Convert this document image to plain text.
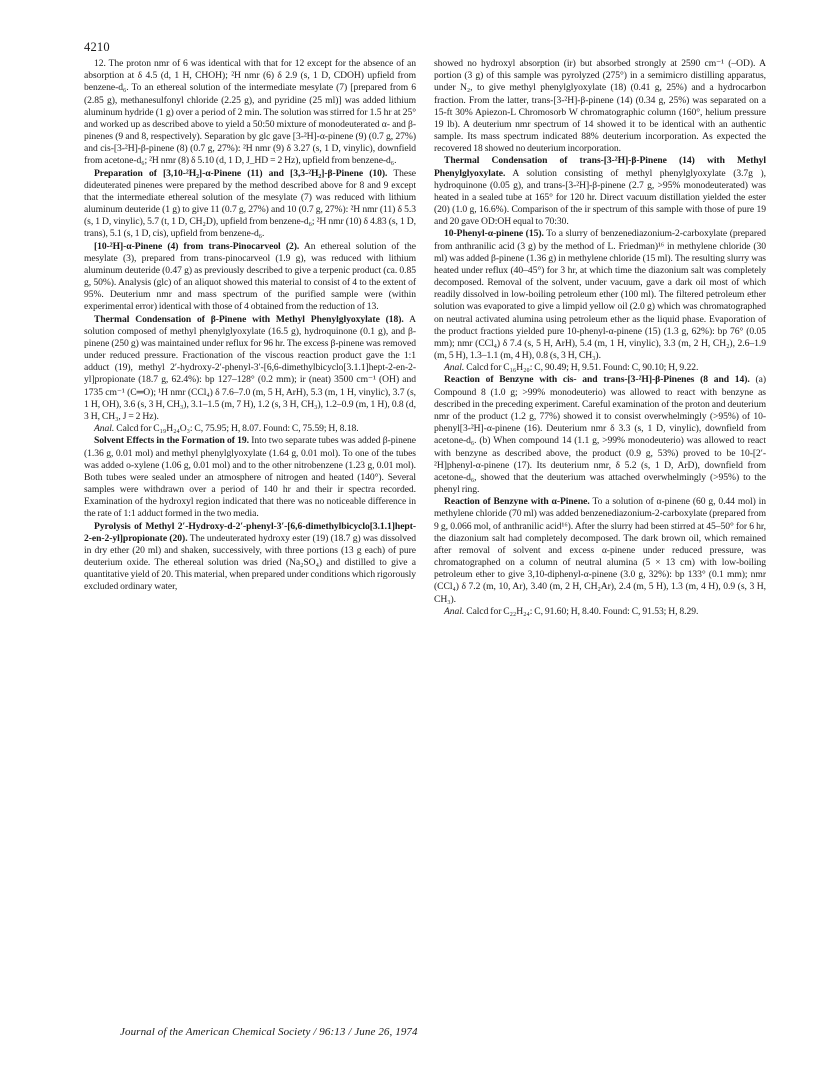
4210

12. The proton nmr of 6 was identical with that for 12 except for the absence of an absorption at δ 4.5 (d, 1 H, CHOH); ²H nmr (6) δ 2.9 (s, 1 D, CDOH) upfield from benzene-d₆. To an ethereal solution of the intermediate mesylate (7) [prepared from 6 (2.85 g), methanesulfonyl chloride (2.25 g), and pyridine (25 ml)] was added lithium aluminum hydride (1 g) over a period of 2 min. The solution was stirred for 1.5 hr at 25° and worked up as described above to yield a 50:50 mixture of monodeuterated α- and β-pinenes (9 and 8, respectively). Separation by glc gave [3-²H]-α-pinene (9) (0.7 g, 27%) and cis-[3-²H]-β-pinene (8) (0.7 g, 27%): ²H nmr (9) δ 3.27 (s, 1 D, vinylic), downfield from acetone-d₆; ²H nmr (8) δ 5.10 (d, 1 D, J_HD = 2 Hz), upfield from benzene-d₆.

Preparation of [3,10-²H₂]-α-Pinene (11) and [3,3-²H₂]-β-Pinene (10). These dideuterated pinenes were prepared by the method described above for 8 and 9 except that the intermediate ethereal solution of the mesylate (7) was reduced with lithium aluminum deuteride (1 g) to give 11 (0.7 g, 27%) and 10 (0.7 g, 27%): ²H nmr (11) δ 5.3 (s, 1 D, vinylic), 5.7 (t, 1 D, CH₂D), upfield from benzene-d₆; ²H nmr (10) δ 4.83 (s, 1 D, trans), 5.1 (s, 1 D, cis), upfield from benzene-d₆.

[10-²H]-α-Pinene (4) from trans-Pinocarveol (2). An ethereal solution of the mesylate (3), prepared from trans-pinocarveol (1.9 g), was reduced with lithium aluminum deuteride (0.47 g) as previously described to give a terpenic product (ca. 0.85 g, 50%). Analysis (glc) of an aliquot showed this material to consist of 4 to the extent of 95%. Deuterium nmr and mass spectrum of the purified sample were (within experimental error) identical with those of 4 obtained from the reduction of 13.

Thermal Condensation of β-Pinene with Methyl Phenylglyoxylate (18). A solution composed of methyl phenylglyoxylate (16.5 g), hydroquinone (0.1 g), and β-pinene (250 g) was maintained under reflux for 96 hr. The excess β-pinene was removed under reduced pressure. Fractionation of the viscous reaction product gave the 1:1 adduct (19), methyl 2′-hydroxy-2′-phenyl-3′-[6,6-dimethylbicyclo[3.1.1]hept-2-en-2-yl]propionate (18.7 g, 62.4%): bp 127–128° (0.2 mm); ir (neat) 3500 cm⁻¹ (OH) and 1735 cm⁻¹ (C═O); ¹H nmr (CCl₄) δ 7.6–7.0 (m, 5 H, ArH), 5.3 (m, 1 H, vinylic), 3.7 (s, 1 H, OH), 3.6 (s, 3 H, CH₃), 3.1–1.5 (m, 7 H), 1.2 (s, 3 H, CH₃), 1.2–0.9 (m, 1 H), 0.8 (d, 3 H, CH₃, J = 2 Hz).

Anal. Calcd for C₁₉H₂₄O₃: C, 75.95; H, 8.07. Found: C, 75.59; H, 8.18.

Solvent Effects in the Formation of 19. Into two separate tubes was added β-pinene (1.36 g, 0.01 mol) and methyl phenylglyoxylate (1.64 g, 0.01 mol). To one of the tubes was added o-xylene (1.06 g, 0.01 mol) and to the other nitrobenzene (1.23 g, 0.01 mol). Both tubes were sealed under an atmosphere of nitrogen and heated (140°). Several samples were withdrawn over a period of 140 hr and their ir spectra recorded. Examination of the hydroxyl region indicated that there was no noticeable difference in the rate of 1:1 adduct formed in the two media.

Pyrolysis of Methyl 2′-Hydroxy-d-2′-phenyl-3′-[6,6-dimethylbicyclo[3.1.1]hept-2-en-2-yl]propionate (20). The undeuterated hydroxy ester (19) (18.7 g) was dissolved in dry ether (20 ml) and shaken, successively, with three portions (13 g each) of pure deuterium oxide. The ethereal solution was dried (Na₂SO₄) and distilled to give a quantitative yield of 20. This material, when prepared under conditions which rigorously excluded ordinary water,

showed no hydroxyl absorption (ir) but absorbed strongly at 2590 cm⁻¹ (–OD). A portion (3 g) of this sample was pyrolyzed (275°) in a semimicro distilling apparatus, under N₂, to give methyl phenylglyoxylate (18) (0.41 g, 25%) and a hydrocarbon fraction. From the latter, trans-[3-²H]-β-pinene (14) (0.34 g, 25%) was separated on a 15-ft 30% Apiezon-L Chromosorb W chromatographic column (160°, helium pressure 19 lb). A deuterium nmr spectrum of 14 showed it to be identical with an authentic sample. Its mass spectrum indicated 88% deuterium incorporation. As expected the recovered 18 showed no deuterium incorporation.

Thermal Condensation of trans-[3-²H]-β-Pinene (14) with Methyl Phenylglyoxylate. A solution consisting of methyl phenylglyoxylate (3.7g ), hydroquinone (0.05 g), and trans-[3-²H]-β-pinene (2.7 g, >95% monodeuterated) was heated in a sealed tube at 165° for 120 hr. Direct vacuum distillation yielded the ester (20) (1.0 g, 16.6%). Comparison of the ir spectrum of this sample with those of pure 19 and 20 gave OD:OH equal to 70:30.

10-Phenyl-α-pinene (15). To a slurry of benzenediazonium-2-carboxylate (prepared from anthranilic acid (3 g) by the method of L. Friedman)¹⁶ in methylene chloride (30 ml) was added β-pinene (1.36 g) in methylene chloride (15 ml). The resulting slurry was heated under reflux (40–45°) for 3 hr, at which time the diazonium salt was completely decomposed. Removal of the solvent, under vacuum, gave a dark oil most of which readily dissolved in low-boiling petroleum ether (100 ml). The filtered petroleum ether solution was evaporated to give a limpid yellow oil (2.0 g) which was chromatographed on neutral activated alumina using petroleum ether as the liquid phase. Evaporation of the product fractions yielded pure 10-phenyl-α-pinene (15) (1.3 g, 62%): bp 76° (0.05 mm); nmr (CCl₄) δ 7.4 (s, 5 H, ArH), 5.4 (m, 1 H, vinylic), 3.3 (m, 2 H, CH₂), 2.6–1.9 (m, 5 H), 1.3–1.1 (m, 4 H), 0.8 (s, 3 H, CH₃).

Anal. Calcd for C₁₆H₂₀: C, 90.49; H, 9.51. Found: C, 90.10; H, 9.22.

Reaction of Benzyne with cis- and trans-[3-²H]-β-Pinenes (8 and 14). (a) Compound 8 (1.0 g; >99% monodeuterio) was allowed to react with benzyne as described in the preceding experiment. Careful examination of the proton and deuterium nmr of the product (1.2 g, 77%) showed it to consist overwhelmingly (>95%) of 10-phenyl[3-²H]-α-pinene (16). Deuterium nmr δ 3.3 (s, 1 D, vinylic), downfield from acetone-d₆. (b) When compound 14 (1.1 g, >99% monodeuterio) was allowed to react with benzyne as described above, the product (0.9 g, 53%) proved to be 10-[2′-²H]phenyl-α-pinene (17). Its deuterium nmr, δ 5.2 (s, 1 D, ArD), downfield from acetone-d₆, showed that the deuterium was attached overwhelmingly (>95%) to the phenyl ring.

Reaction of Benzyne with α-Pinene. To a solution of α-pinene (60 g, 0.44 mol) in methylene chloride (70 ml) was added benzenediazonium-2-carboxylate (prepared from 9 g, 0.066 mol, of anthranilic acid¹⁶). After the slurry had been stirred at 45–50° for 6 hr, the diazonium salt had completely decomposed. The dark brown oil, which remained after removal of solvent and excess α-pinene under reduced pressure, was chromatographed on a column of neutral alumina (5 × 13 cm) with low-boiling petroleum ether to give 3,10-diphenyl-α-pinene (3.0 g, 32%): bp 133° (0.1 mm); nmr (CCl₄) δ 7.2 (m, 10, Ar), 3.40 (m, 2 H, CH₂Ar), 2.4 (m, 5 H), 1.3 (m, 4 H), 0.9 (s, 3 H, CH₃).

Anal. Calcd for C₂₂H₂₄: C, 91.60; H, 8.40. Found: C, 91.53; H, 8.29.

Journal of the American Chemical Society / 96:13 / June 26, 1974
